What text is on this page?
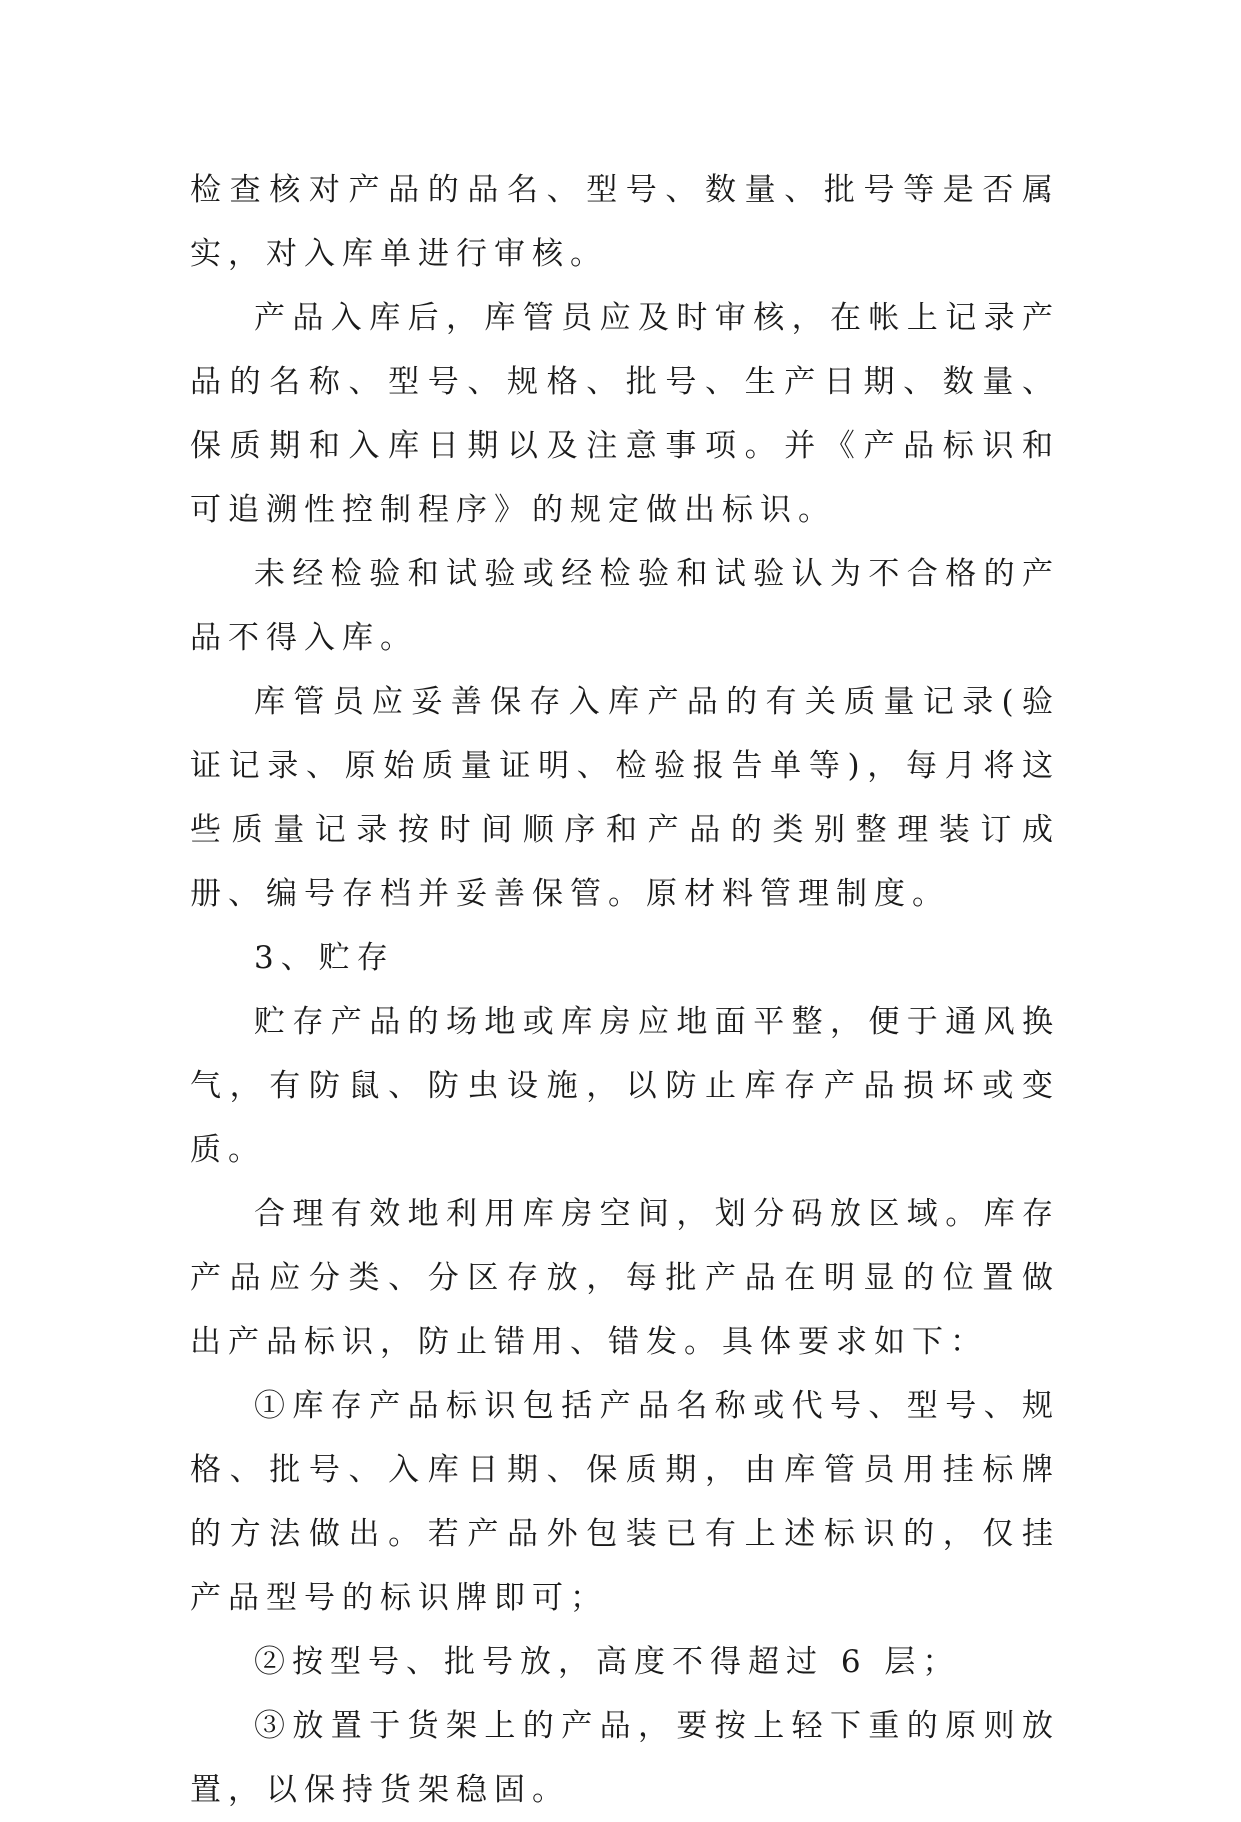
检查核对产品的品名、型号、数量、批号等是否属实，对入库单进行审核。

产品入库后，库管员应及时审核，在帐上记录产品的名称、型号、规格、批号、生产日期、数量、保质期和入库日期以及注意事项。并《产品标识和可追溯性控制程序》的规定做出标识。

未经检验和试验或经检验和试验认为不合格的产品不得入库。

库管员应妥善保存入库产品的有关质量记录(验证记录、原始质量证明、检验报告单等)，每月将这些质量记录按时间顺序和产品的类别整理装订成册、编号存档并妥善保管。原材料管理制度。

3、贮存

贮存产品的场地或库房应地面平整，便于通风换气，有防鼠、防虫设施，以防止库存产品损坏或变质。

合理有效地利用库房空间，划分码放区域。库存产品应分类、分区存放，每批产品在明显的位置做出产品标识，防止错用、错发。具体要求如下：

①库存产品标识包括产品名称或代号、型号、规格、批号、入库日期、保质期，由库管员用挂标牌的方法做出。若产品外包装已有上述标识的，仅挂产品型号的标识牌即可；

②按型号、批号放，高度不得超过 6 层；

③放置于货架上的产品，要按上轻下重的原则放置，以保持货架稳固。
